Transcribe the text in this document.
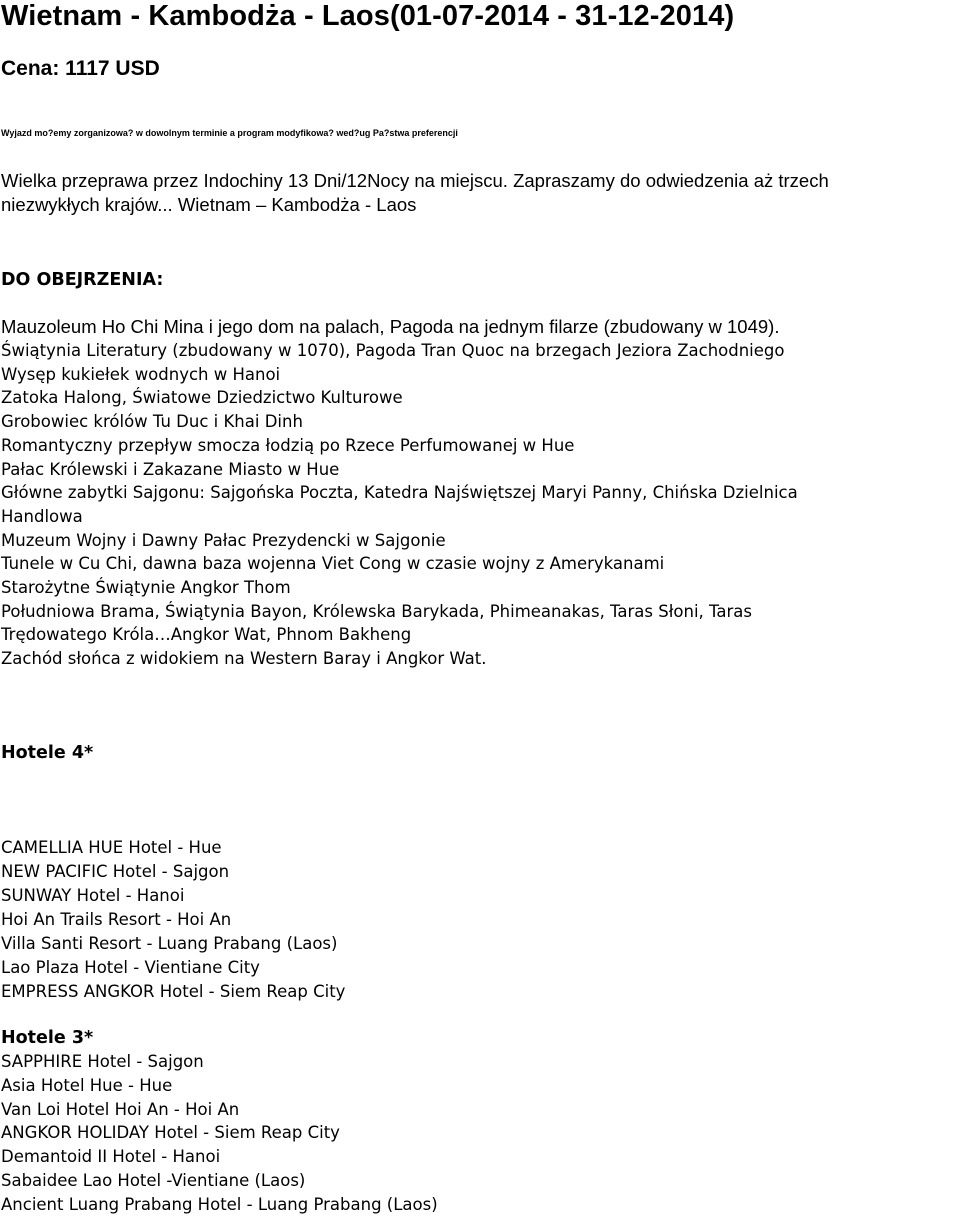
Wietnam - Kambodża - Laos(01-07-2014 - 31-12-2014)
Cena: 1117 USD
Wyjazd mo?emy zorganizowa? w dowolnym terminie a program modyfikowa? wed?ug Pa?stwa preferencji
Wielka przeprawa przez Indochiny 13 Dni/12Nocy na miejscu. Zapraszamy do odwiedzenia aż trzech
niezwykłych krajów... Wietnam – Kambodża - Laos
DO OBEJRZENIA:
Mauzoleum Ho Chi Mina i jego dom na palach, Pagoda na jednym filarze (zbudowany w 1049).
Świątynia Literatury (zbudowany w 1070), Pagoda Tran Quoc na brzegach Jeziora Zachodniego
Wysęp kukiełek wodnych w Hanoi
Zatoka Halong, Światowe Dziedzictwo Kulturowe
Grobowiec królów Tu Duc i Khai Dinh
Romantyczny przepływ smocza łodzią po Rzece Perfumowanej w Hue
Pałac Królewski i Zakazane Miasto w Hue
Główne zabytki Sajgonu: Sajgońska Poczta, Katedra Najświętszej Maryi Panny, Chińska Dzielnica
Handlowa
Muzeum Wojny i Dawny Pałac Prezydencki w Sajgonie
Tunele w Cu Chi, dawna baza wojenna Viet Cong w czasie wojny z Amerykanami
Starożytne Świątynie Angkor Thom
Południowa Brama, Świątynia Bayon, Królewska Barykada, Phimeanakas, Taras Słoni, Taras
Trędowatego Króla…Angkor Wat, Phnom Bakheng
Zachód słońca z widokiem na Western Baray i Angkor Wat.
Hotele 4*
CAMELLIA HUE Hotel - Hue
NEW PACIFIC Hotel - Sajgon
SUNWAY Hotel - Hanoi
Hoi An Trails Resort - Hoi An
Villa Santi Resort - Luang Prabang (Laos)
Lao Plaza Hotel - Vientiane City
EMPRESS ANGKOR Hotel - Siem Reap City
Hotele 3*
SAPPHIRE Hotel - Sajgon
Asia Hotel Hue - Hue
Van Loi Hotel Hoi An - Hoi An
ANGKOR HOLIDAY Hotel - Siem Reap City
Demantoid II Hotel - Hanoi
Sabaidee Lao Hotel -Vientiane (Laos)
Ancient Luang Prabang Hotel - Luang Prabang (Laos)
